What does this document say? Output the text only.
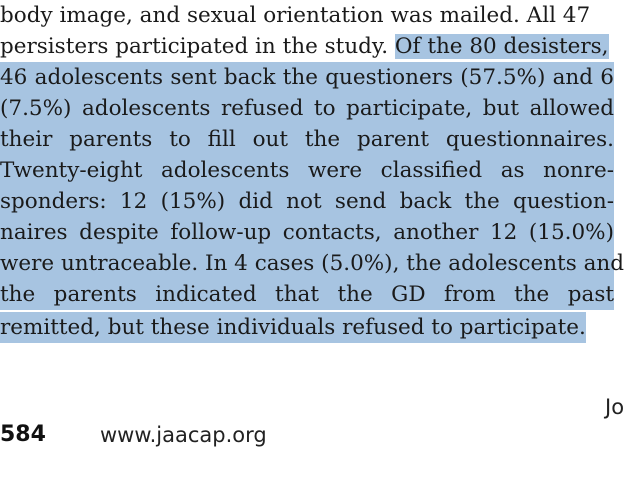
body image, and sexual orientation was mailed. All 47
persisters participated in the study. Of the 80 desisters,
46 adolescents sent back the questioners (57.5%) and 6
(7.5%) adolescents refused to participate, but allowed
their parents to fill out the parent questionnaires.
Twenty-eight adolescents were classified as nonre-
sponders: 12 (15%) did not send back the question-
naires despite follow-up contacts, another 12 (15.0%)
were untraceable. In 4 cases (5.0%), the adolescents and
the parents indicated that the GD from the past
remitted, but these individuals refused to participate.
Jo
584	www.jaacap.org
